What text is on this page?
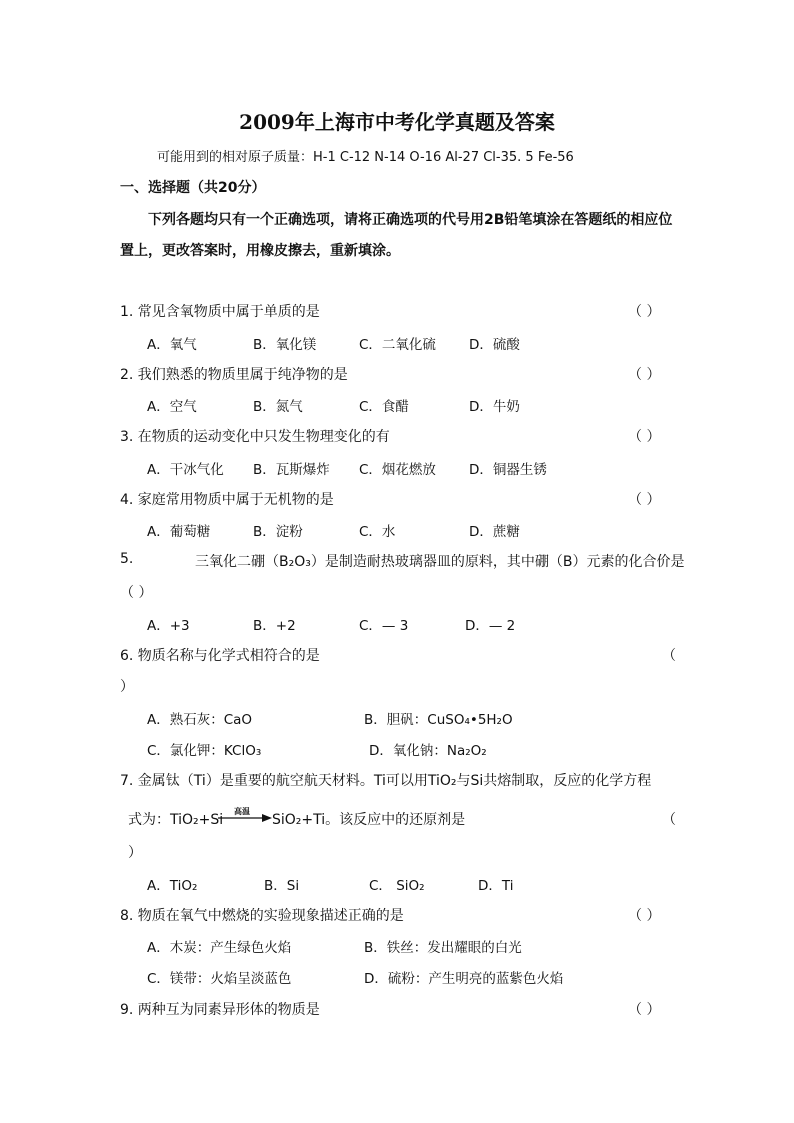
2009年上海市中考化学真题及答案
可能用到的相对原子质量：H-1 C-12 N-14 O-16 Al-27 Cl-35. 5 Fe-56
一、选择题（共20分）
下列各题均只有一个正确选项，请将正确选项的代号用2B铅笔填涂在答题纸的相应位
置上，更改答案时，用橡皮擦去，重新填涂。
1. 常见含氧物质中属于单质的是	（ ）
A．氧气	B．氧化镁	C．二氧化硫 D．硫酸
2. 我们熟悉的物质里属于纯净物的是	（ ）
A．空气	B．氮气	C．食醋	D．牛奶
3. 在物质的运动变化中只发生物理变化的有	（ ）
A．干冰气化 B．瓦斯爆炸 C．烟花燃放 D．铜器生锈
4. 家庭常用物质中属于无机物的是	（ ）
A．葡萄糖	B．淀粉	C．水	D．蔗糖
5.	三氧化二硼（B₂O₃）是制造耐热玻璃器皿的原料，其中硼（B）元素的化合价是
（ ）
A．+3	B．+2	C．— 3	D．— 2
6. 物质名称与化学式相符合的是	（
）
A．熟石灰：CaO	B．胆矾：CuSO₄•5H₂O
C．氯化钾：KClO₃	D．氧化钠：Na₂O₂
7. 金属钛（Ti）是重要的航空航天材料。Ti可以用TiO₂与Si共熔制取，反应的化学方程
式为：TiO₂+Si
高温
SiO₂+Ti。该反应中的还原剂是	（
）
A．TiO₂	B．Si	C． SiO₂	D．Ti
8. 物质在氧气中燃烧的实验现象描述正确的是	（ ）
A．木炭：产生绿色火焰	B．铁丝：发出耀眼的白光
C．镁带：火焰呈淡蓝色	D．硫粉：产生明亮的蓝紫色火焰
9. 两种互为同素异形体的物质是	（ ）
